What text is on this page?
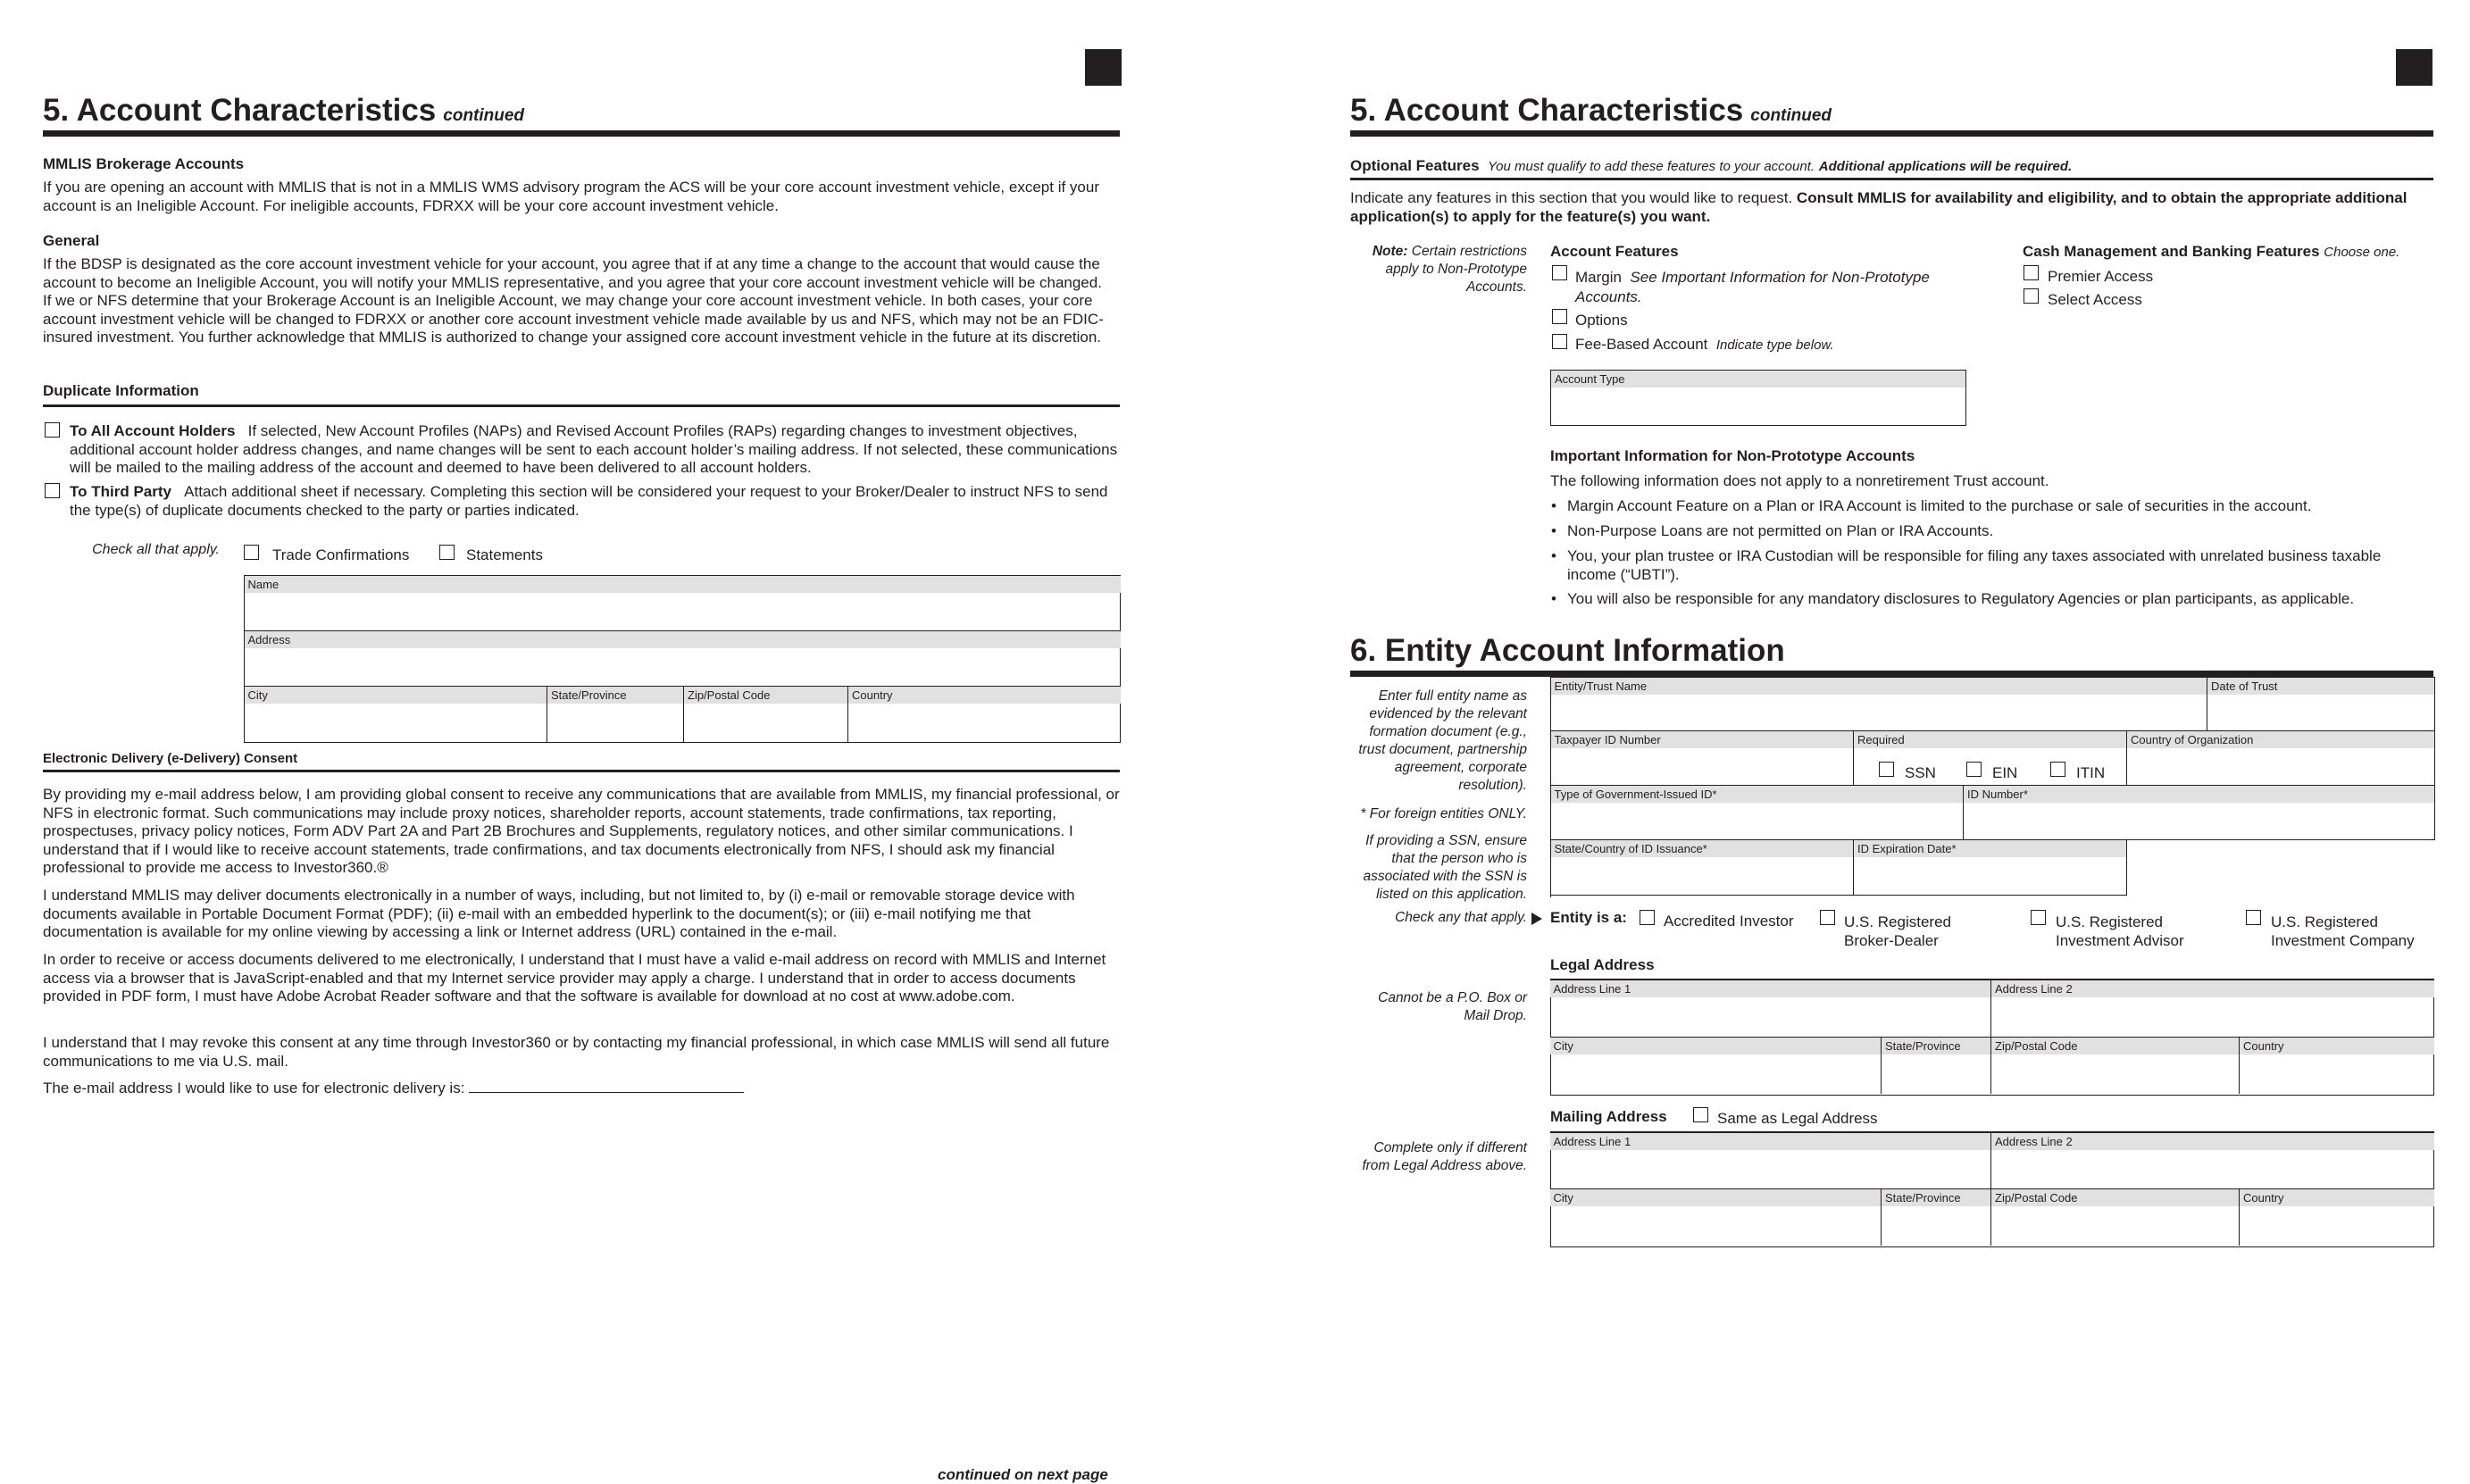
5. Account Characteristics continued

MMLIS Brokerage Accounts

If you are opening an account with MMLIS that is not in a MMLIS WMS advisory program the ACS will be your core account investment vehicle, except if your account is an Ineligible Account. For ineligible accounts, FDRXX will be your core account investment vehicle.

General

If the BDSP is designated as the core account investment vehicle for your account, you agree that if at any time a change to the account that would cause the account to become an Ineligible Account, you will notify your MMLIS representative, and you agree that your core account investment vehicle will be changed. If we or NFS determine that your Brokerage Account is an Ineligible Account, we may change your core account investment vehicle. In both cases, your core account investment vehicle will be changed to FDRXX or another core account investment vehicle made available by us and NFS, which may not be an FDIC-insured investment. You further acknowledge that MMLIS is authorized to change your assigned core account investment vehicle in the future at its discretion.

Duplicate Information

To All Account Holders If selected, New Account Profiles (NAPs) and Revised Account Profiles (RAPs) regarding changes to investment objectives, additional account holder address changes, and name changes will be sent to each account holder’s mailing address. If not selected, these communications will be mailed to the mailing address of the account and deemed to have been delivered to all account holders.

To Third Party Attach additional sheet if necessary. Completing this section will be considered your request to your Broker/Dealer to instruct NFS to send the type(s) of duplicate documents checked to the party or parties indicated.

Check all that apply.	Trade Confirmations	Statements
Name
Address
City	State/Province	Zip/Postal Code	Country
Electronic Delivery (e-Delivery) Consent

By providing my e-mail address below, I am providing global consent to receive any communications that are available from MMLIS, my financial professional, or NFS in electronic format. Such communications may include proxy notices, shareholder reports, account statements, trade confirmations, tax reporting, prospectuses, privacy policy notices, Form ADV Part 2A and Part 2B Brochures and Supplements, regulatory notices, and other similar communications. I understand that if I would like to receive account statements, trade confirmations, and tax documents electronically from NFS, I should ask my financial professional to provide me access to Investor360.®

I understand MMLIS may deliver documents electronically in a number of ways, including, but not limited to, by (i) e-mail or removable storage device with documents available in Portable Document Format (PDF); (ii) e-mail with an embedded hyperlink to the document(s); or (iii) e-mail notifying me that documentation is available for my online viewing by accessing a link or Internet address (URL) contained in the e-mail.

In order to receive or access documents delivered to me electronically, I understand that I must have a valid e-mail address on record with MMLIS and Internet access via a browser that is JavaScript-enabled and that my Internet service provider may apply a charge. I understand that in order to access documents provided in PDF form, I must have Adobe Acrobat Reader software and that the software is available for download at no cost at www.adobe.com.

I understand that I may revoke this consent at any time through Investor360 or by contacting my financial professional, in which case MMLIS will send all future communications to me via U.S. mail.

The e-mail address I would like to use for electronic delivery is:

continued on next page
5. Account Characteristics continued
Optional Features You must qualify to add these features to your account. Additional applications will be required.

Indicate any features in this section that you would like to request. Consult MMLIS for availability and eligibility, and to obtain the appropriate additional application(s) to apply for the feature(s) you want.

Note: Certain restrictions apply to Non-Prototype Accounts.

Account Features

Margin See Important Information for Non-Prototype Accounts.
Options
Fee-Based Account Indicate type below.
Account Type
Cash Management and Banking Features Choose one.
Premier Access
Select Access

Important Information for Non-Prototype Accounts

The following information does not apply to a nonretirement Trust account.

• Margin Account Feature on a Plan or IRA Account is limited to the purchase or sale of securities in the account.
• Non-Purpose Loans are not permitted on Plan or IRA Accounts.
• You, your plan trustee or IRA Custodian will be responsible for filing any taxes associated with unrelated business taxable income (“UBTI”).
• You will also be responsible for any mandatory disclosures to Regulatory Agencies or plan participants, as applicable.
6. Entity Account Information
Enter full entity name as evidenced by the relevant formation document (e.g., trust document, partnership agreement, corporate resolution).
* For foreign entities ONLY.
If providing a SSN, ensure that the person who is associated with the SSN is listed on this application.
Check any that apply.
Entity/Trust Name	Date of Trust
Taxpayer ID Number	Required	Country of Organization
Type of Government-Issued ID*	ID Number*
State/Country of ID Issuance*	ID Expiration Date*
SSN	EIN	ITIN
Entity is a: Accredited Investor	U.S. Registered
Broker-Dealer
U.S. Registered
Investment Advisor
U.S. Registered
Investment Company

Legal Address

Cannot be a P.O. Box or Mail Drop.
Address Line 1	Address Line 2
City	State/Province	Zip/Postal Code	Country

Mailing Address	Same as Legal Address
Complete only if different from Legal Address above.
Address Line 1	Address Line 2
City	State/Province	Zip/Postal Code	Country
